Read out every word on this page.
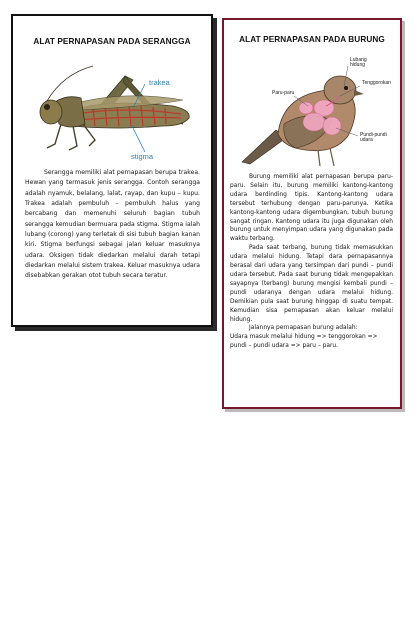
ALAT PERNAPASAN PADA SERANGGA
trakea
stigma

Serangga memiliki alat pernapasan berupa trakea. Hewan yang termasuk jenis serangga. Contoh serangga adalah nyamuk, belalang, lalat, rayap, dan kupu – kupu. Trakea adalah pembuluh – pembuluh halus yang bercabang dan memenuhi seluruh bagian tubuh serangga kemudian bermuara pada stigma. Stigma ialah lubang (corong) yang terletak di sisi tubuh bagian kanan kiri. Stigma berfungsi sebagai jalan keluar masuknya udara. Oksigen tidak diedarkan melalui darah tetapi diedarkan melalui sistem trakea. Keluar masuknya udara disebabkan gerakan otot tubuh secara teratur.

ALAT PERNAPASAN PADA BURUNG
Lubang
hidung
Tenggorokan
Paru-paru
Pundi-pundi
udara

Burung memiliki alat pernapasan berupa paru-paru. Selain itu, burung memiliki kantong-kantong udara berdinding tipis. Kantong-kantong udara tersebut terhubung dengan paru-parunya. Ketika kantong-kantong udara digembungkan, tubuh burung sangat ringan. Kantong udara itu juga digunakan oleh burung untuk menyimpan udara yang digunakan pada waktu terbang.

Pada saat terbang, burung tidak memasukkan udara melalui hidung. Tetapi dara pernapasannya berasal dari udara yang tersimpan dari pundi – pundi udara tersebut. Pada saat burung tidak mengepakkan sayapnya (terbang) burung mengisi kembali pundi – pundi udaranya dengan udara melalui hidung. Demikian pula saat burung hinggap di suatu tempat. Kemudian sisa pernapasan akan keluar melalui hidung.

Jalannya pernapasan burung adalah:

Udara masuk melalui hidung => tenggorokan => pundi – pundi udara => paru – paru.
